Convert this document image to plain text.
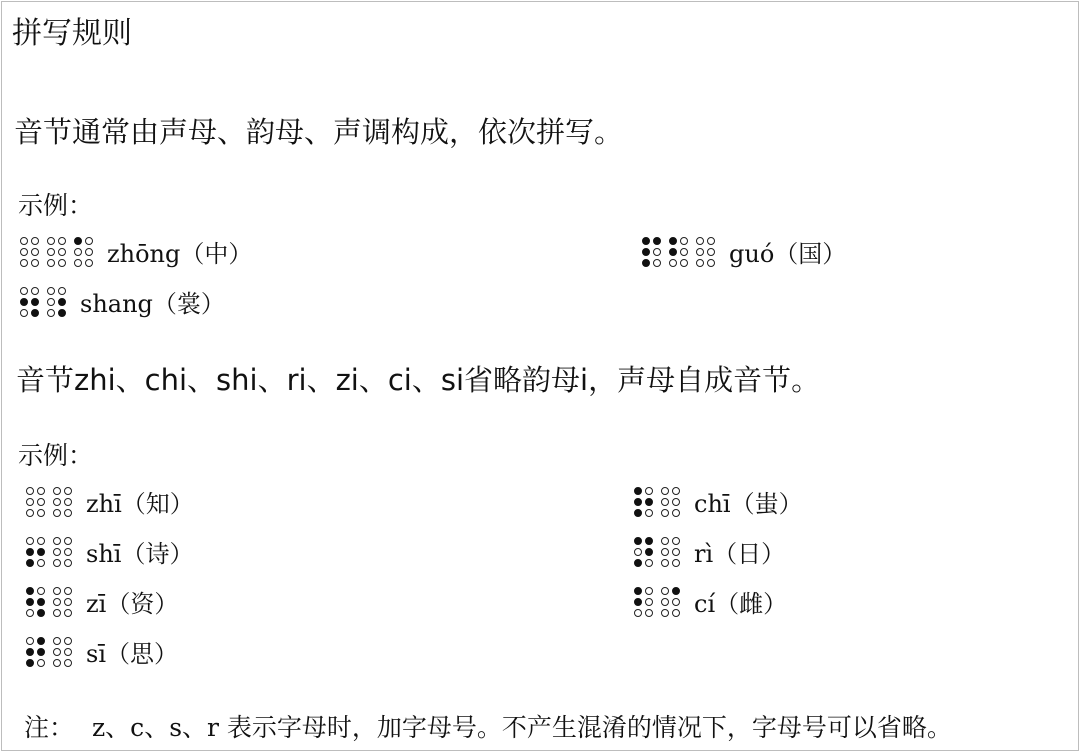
拼写规则
音节通常由声母、韵母、声调构成，依次拼写。
示例：
zhōng（中）	guó（国）
shang（裳）
音节zhi、chi、shi、ri、zi、ci、si省略韵母i，声母自成音节。
示例：
zhī（知）	chī（蚩）
shī（诗）	rì（日）
zī（资）	cí（雌）
sī（思）
注： z、c、s、r 表示字母时，加字母号。不产生混淆的情况下，字母号可以省略。
